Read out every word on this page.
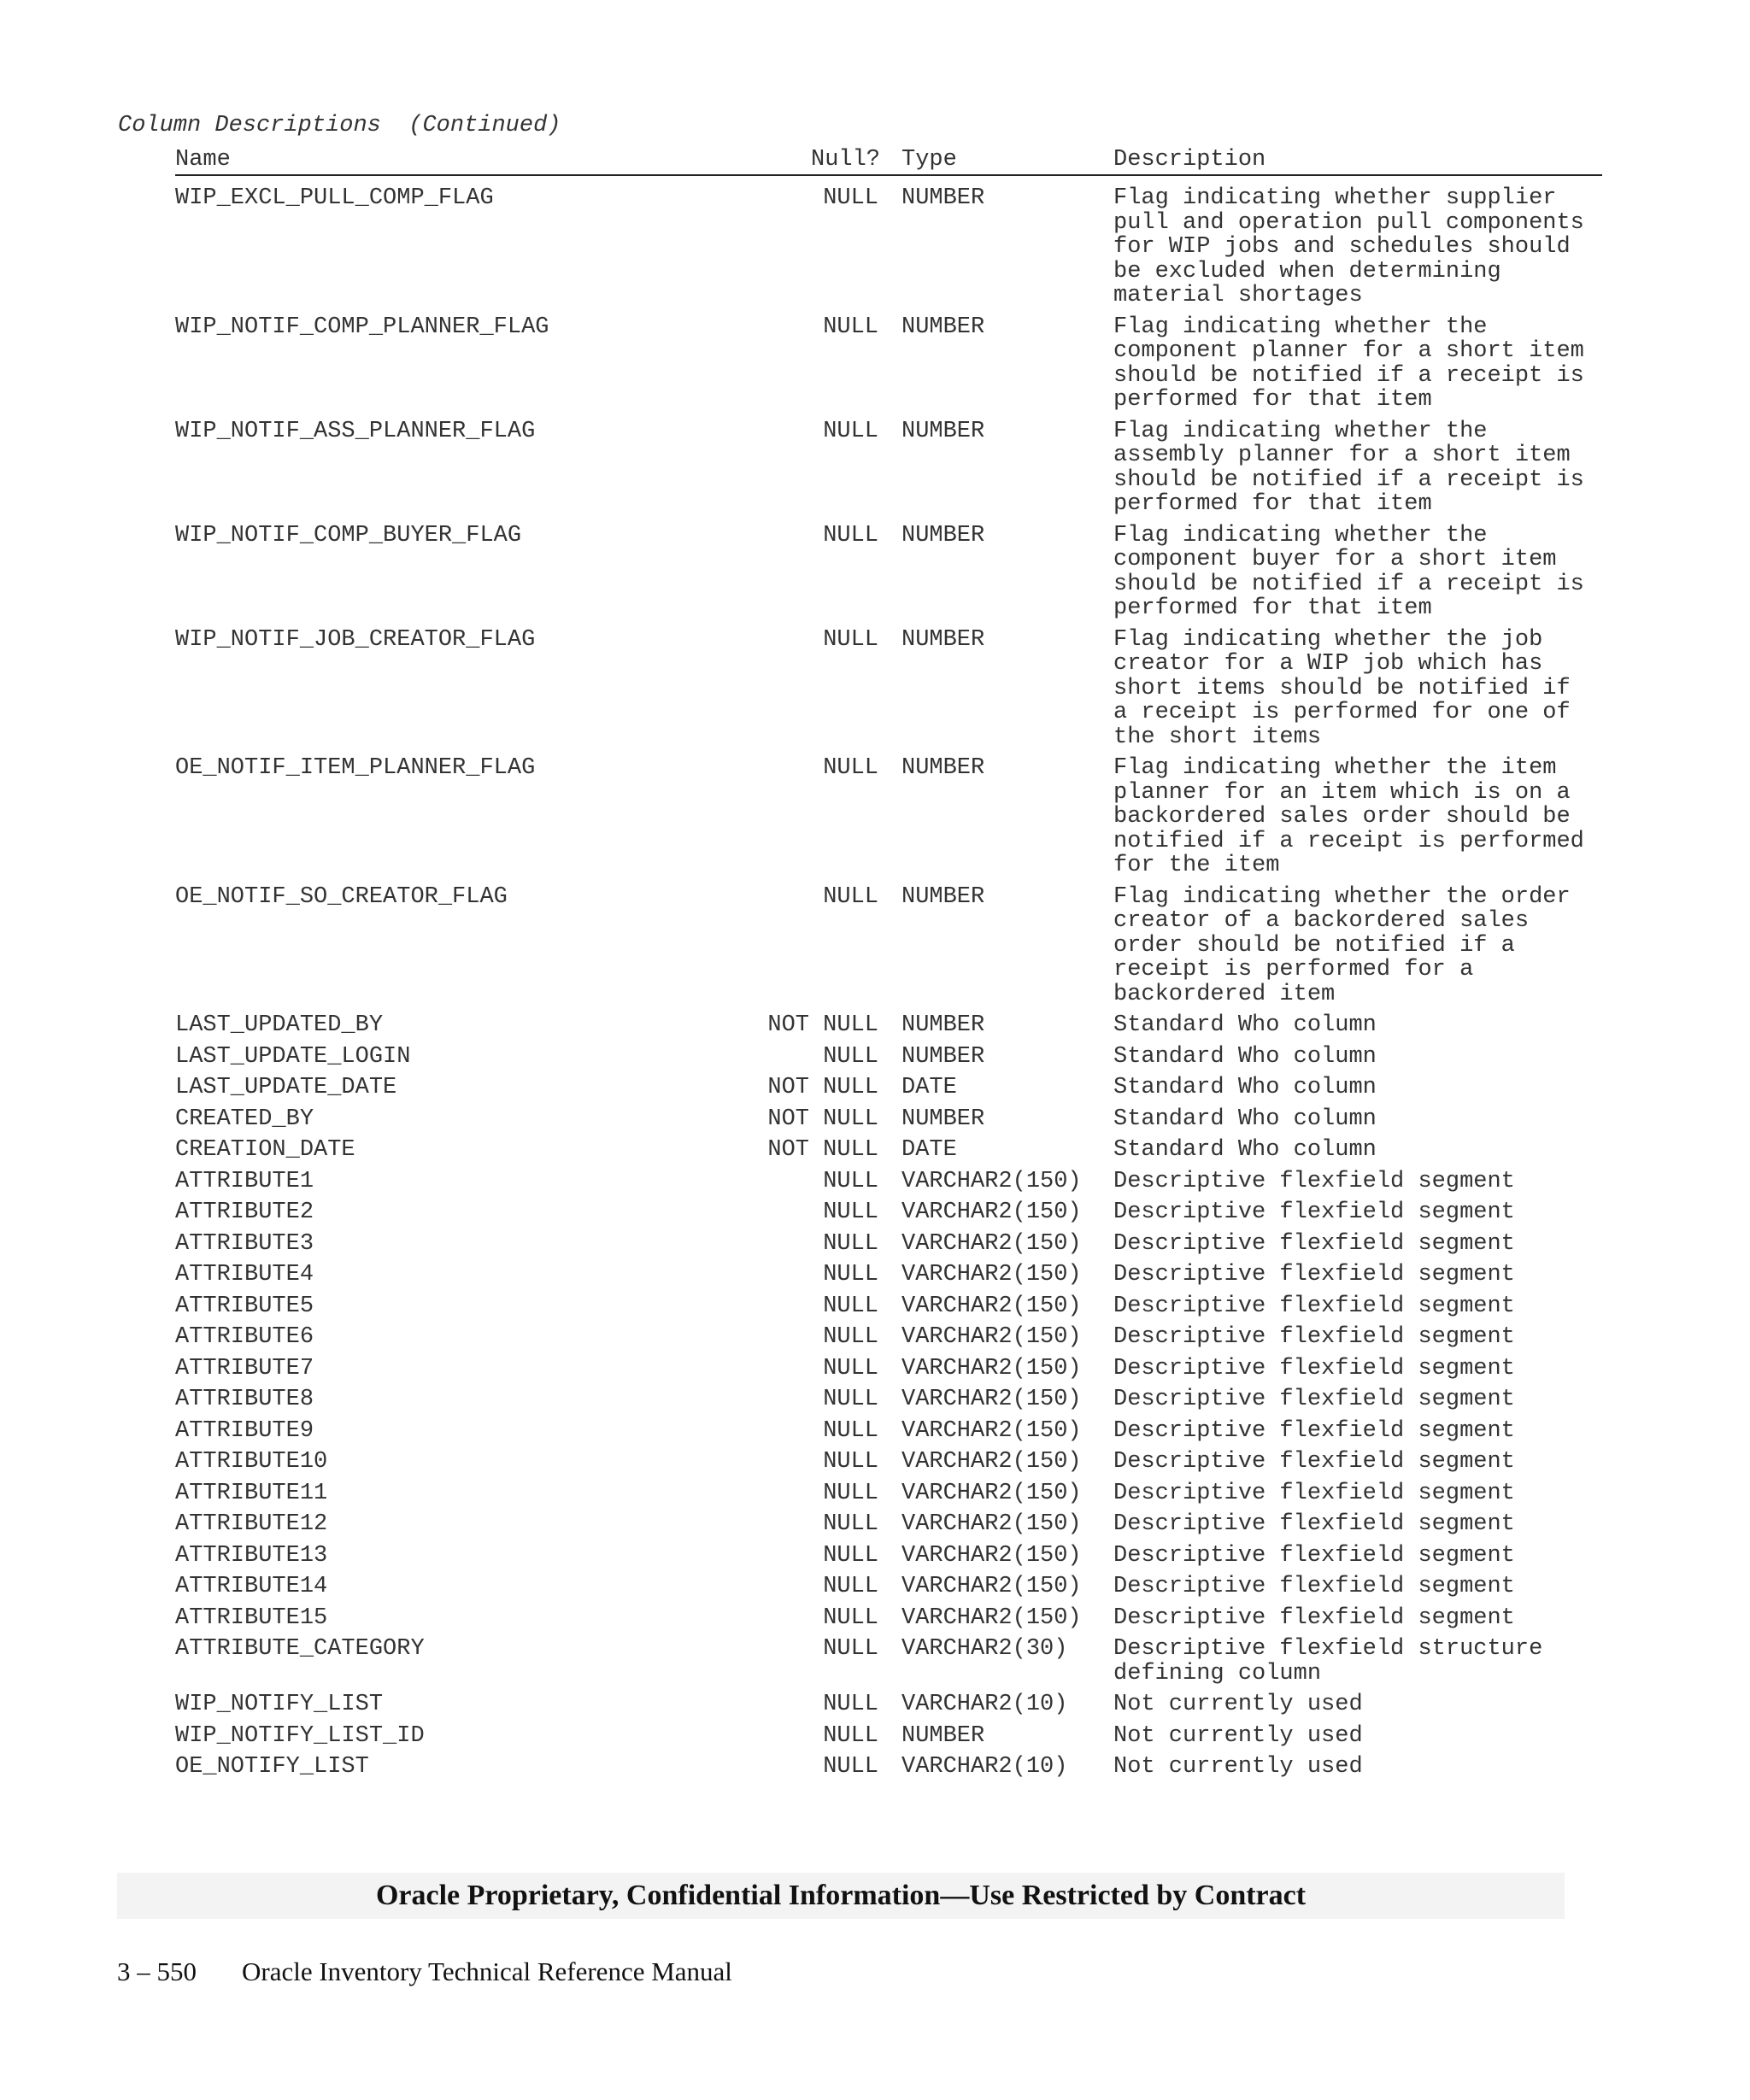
Column Descriptions  (Continued)
Name	Null? Type	Description
WIP_EXCL_PULL_COMP_FLAG	NULL NUMBER	Flag indicating whether supplier pull and operation pull components for WIP jobs and schedules should be excluded when determining material shortages
WIP_NOTIF_COMP_PLANNER_FLAG	NULL NUMBER	Flag indicating whether the component planner for a short item should be notified if a receipt is performed for that item
WIP_NOTIF_ASS_PLANNER_FLAG	NULL NUMBER	Flag indicating whether the assembly planner for a short item should be notified if a receipt is performed for that item
WIP_NOTIF_COMP_BUYER_FLAG	NULL NUMBER	Flag indicating whether the component buyer for a short item should be notified if a receipt is performed for that item
WIP_NOTIF_JOB_CREATOR_FLAG	NULL NUMBER	Flag indicating whether the job creator for a WIP job which has short items should be notified if a receipt is performed for one of the short items
OE_NOTIF_ITEM_PLANNER_FLAG	NULL NUMBER	Flag indicating whether the item planner for an item which is on a backordered sales order should be notified if a receipt is performed for the item
OE_NOTIF_SO_CREATOR_FLAG	NULL NUMBER	Flag indicating whether the order creator of a backordered sales order should be notified if a receipt is performed for a backordered item
LAST_UPDATED_BY	NOT NULL NUMBER	Standard Who column
LAST_UPDATE_LOGIN	NULL NUMBER	Standard Who column
LAST_UPDATE_DATE	NOT NULL DATE	Standard Who column
CREATED_BY	NOT NULL NUMBER	Standard Who column
CREATION_DATE	NOT NULL DATE	Standard Who column
ATTRIBUTE1	NULL VARCHAR2(150) Descriptive flexfield segment
ATTRIBUTE2	NULL VARCHAR2(150) Descriptive flexfield segment
ATTRIBUTE3	NULL VARCHAR2(150) Descriptive flexfield segment
ATTRIBUTE4	NULL VARCHAR2(150) Descriptive flexfield segment
ATTRIBUTE5	NULL VARCHAR2(150) Descriptive flexfield segment
ATTRIBUTE6	NULL VARCHAR2(150) Descriptive flexfield segment
ATTRIBUTE7	NULL VARCHAR2(150) Descriptive flexfield segment
ATTRIBUTE8	NULL VARCHAR2(150) Descriptive flexfield segment
ATTRIBUTE9	NULL VARCHAR2(150) Descriptive flexfield segment
ATTRIBUTE10	NULL VARCHAR2(150) Descriptive flexfield segment
ATTRIBUTE11	NULL VARCHAR2(150) Descriptive flexfield segment
ATTRIBUTE12	NULL VARCHAR2(150) Descriptive flexfield segment
ATTRIBUTE13	NULL VARCHAR2(150) Descriptive flexfield segment
ATTRIBUTE14	NULL VARCHAR2(150) Descriptive flexfield segment
ATTRIBUTE15	NULL VARCHAR2(150) Descriptive flexfield segment
ATTRIBUTE_CATEGORY	NULL VARCHAR2(30) Descriptive flexfield structure defining column
WIP_NOTIFY_LIST	NULL VARCHAR2(10) Not currently used
WIP_NOTIFY_LIST_ID	NULL NUMBER	Not currently used
OE_NOTIFY_LIST	NULL VARCHAR2(10) Not currently used
Oracle Proprietary, Confidential Information––Use Restricted by Contract
3 – 550 Oracle Inventory Technical Reference Manual
